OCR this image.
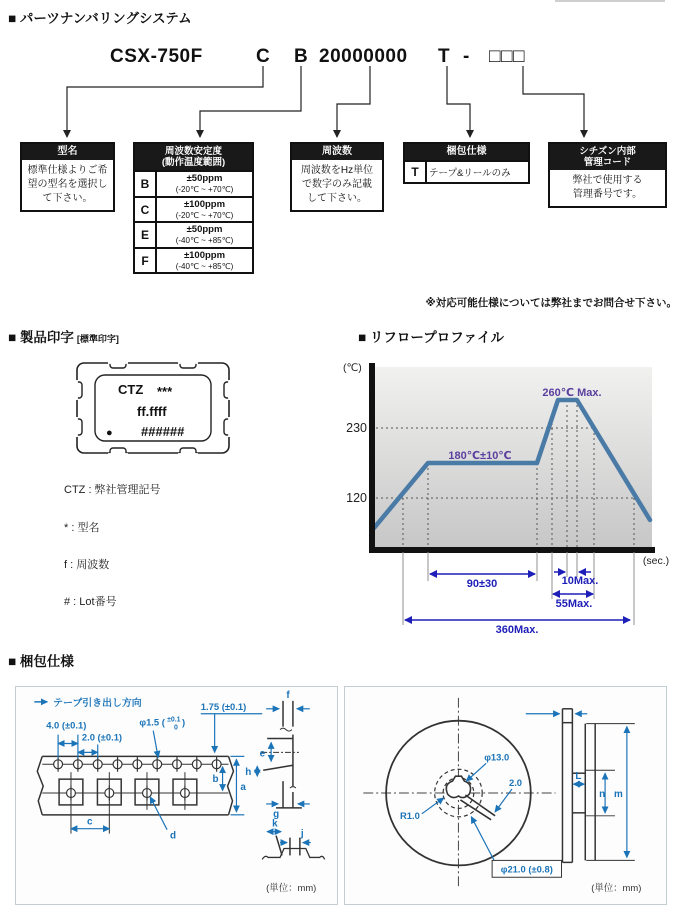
■ パーツナンバリングシステム
CSX-750F	C B 20000000 T - □□□
型名
標準仕様よりご希
望の型名を選択し
て下さい。
周波数安定度
(動作温度範囲)
B	±50ppm
(-20℃ ~ +70℃)
C	±100ppm
(-20℃ ~ +70℃)
E	±50ppm
(-40℃ ~ +85℃)
F	±100ppm
(-40℃ ~ +85℃)
周波数
周波数をHz単位
で数字のみ記載
して下さい。
梱包仕様
T	テープ&リールのみ
シチズン内部
管理コード
弊社で使用する
管理番号です。
※対応可能仕様については弊社までお問合せ下さい。
■ 製品印字 [標準印字]
CTZ ***
ff.ffff
● ######
CTZ : 弊社管理記号
* : 型名
f : 周波数
# : Lot番号
■ リフロープロファイル
(℃)
230
120
(sec.)
260℃ Max.
180℃±10℃
90±30	10Max.
55Max.
360Max.
■ 梱包仕様
テープ引き出し方向
4.0 (±0.1)
2.0 (±0.1)
φ1.5 ( ±0.1 0)
1.75 (±0.1)
a
b
c
d
f
e
h
g
k
j
(単位：mm)
φ13.0
2.0
R1.0
φ21.0 (±0.8)
L
n m
(単位：mm)
